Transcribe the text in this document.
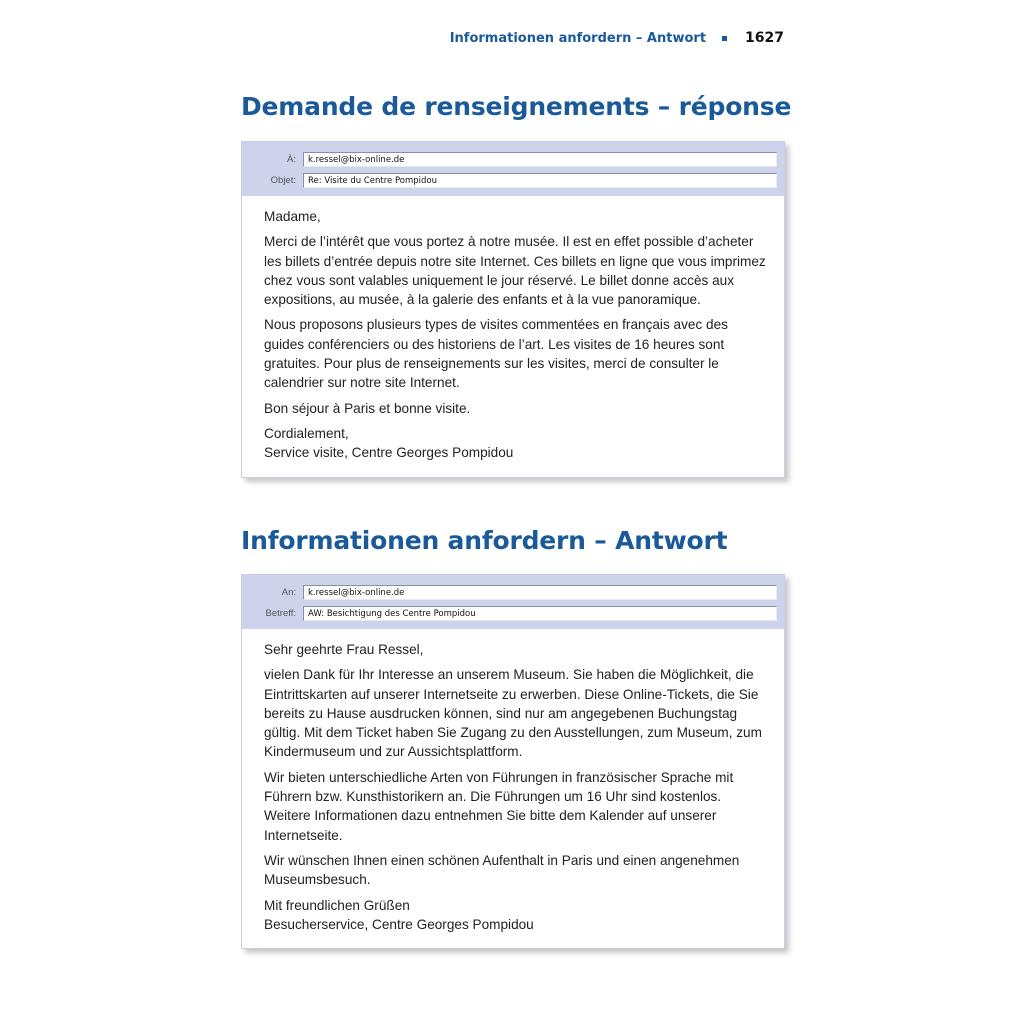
Informationen anfordern – Antwort	1627
Demande de renseignements – réponse
À:	k.ressel@bix-online.de
Objet:	Re: Visite du Centre Pompidou

Madame,

Merci de l’intérêt que vous portez à notre musée. Il est en effet possible d’acheter les billets d’entrée depuis notre site Internet. Ces billets en ligne que vous imprimez chez vous sont valables uniquement le jour réservé. Le billet donne accès aux expositions, au musée, à la galerie des enfants et à la vue panoramique.

Nous proposons plusieurs types de visites commentées en français avec des guides conférenciers ou des historiens de l’art. Les visites de 16 heures sont gratuites. Pour plus de renseignements sur les visites, merci de consulter le calendrier sur notre site Internet.

Bon séjour à Paris et bonne visite.

Cordialement,
Service visite, Centre Georges Pompidou

Informationen anfordern – Antwort
An:	k.ressel@bix-online.de
Betreff:	AW: Besichtigung des Centre Pompidou

Sehr geehrte Frau Ressel,

vielen Dank für Ihr Interesse an unserem Museum. Sie haben die Möglichkeit, die Eintrittskarten auf unserer Internetseite zu erwerben. Diese Online-Tickets, die Sie bereits zu Hause ausdrucken können, sind nur am angegebenen Buchungstag gültig. Mit dem Ticket haben Sie Zugang zu den Ausstellungen, zum Museum, zum Kindermuseum und zur Aussichtsplattform.

Wir bieten unterschiedliche Arten von Führungen in französischer Sprache mit Führern bzw. Kunsthistorikern an. Die Führungen um 16 Uhr sind kostenlos. Weitere Informationen dazu entnehmen Sie bitte dem Kalender auf unserer Internetseite.

Wir wünschen Ihnen einen schönen Aufenthalt in Paris und einen angenehmen Museumsbesuch.

Mit freundlichen Grüßen
Besucherservice, Centre Georges Pompidou
